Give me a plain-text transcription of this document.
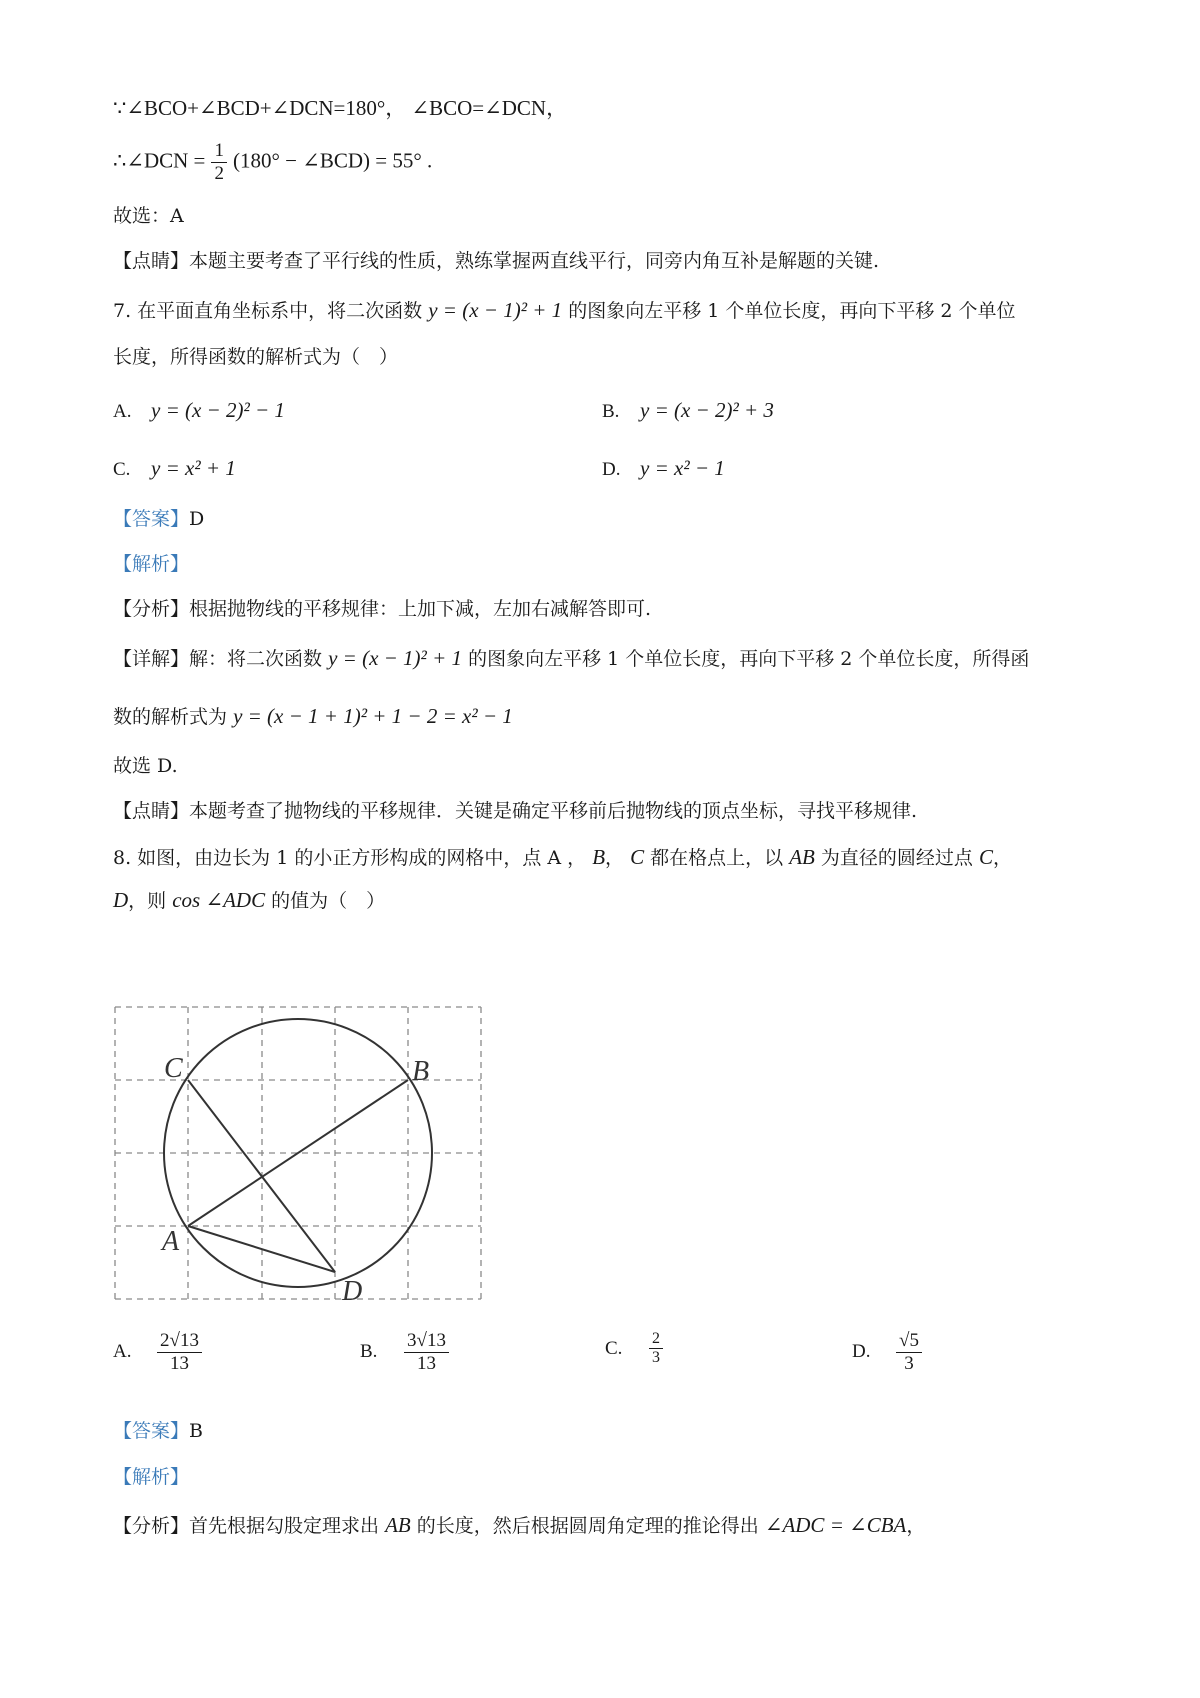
∵∠BCO+∠BCD+∠DCN=180°， ∠BCO=∠DCN，
∴∠DCN = $\frac{1}{2} (180^\circ$ − ∠BCD) = 55° .
故选：A
【点睛】本题主要考查了平行线的性质，熟练掌握两直线平行，同旁内角互补是解题的关键.
7. 在平面直角坐标系中，将二次函数 y = (x − 1)² + 1 的图象向左平移 1 个单位长度，再向下平移 2 个单位
长度，所得函数的解析式为（　）
A. y = (x − 2)² − 1	B. y = (x − 2)² + 3
C. y = x² + 1	D. y = x² − 1
【答案】D
【解析】
【分析】根据抛物线的平移规律：上加下减，左加右减解答即可.
【详解】解：将二次函数 y = (x − 1)² + 1 的图象向左平移 1 个单位长度，再向下平移 2 个单位长度，所得函
数的解析式为 y = (x − 1 + 1)² + 1 − 2 = x² − 1
故选 D.
【点睛】本题考查了抛物线的平移规律．关键是确定平移前后抛物线的顶点坐标，寻找平移规律.
8. 如图，由边长为 1 的小正方形构成的网格中，点 A ， B， C 都在格点上，以 AB 为直径的圆经过点 C，
D，则 cos ∠ADC 的值为（　）
C	B
A
D
A. $\frac{2√13}{13}$	B. $\frac{3√13}{13}$	C. $\frac{2}{3}$	D. $\frac{√5}{3}$
【答案】B
【解析】
【分析】首先根据勾股定理求出 AB 的长度，然后根据圆周角定理的推论得出 ∠ADC = ∠CBA，
